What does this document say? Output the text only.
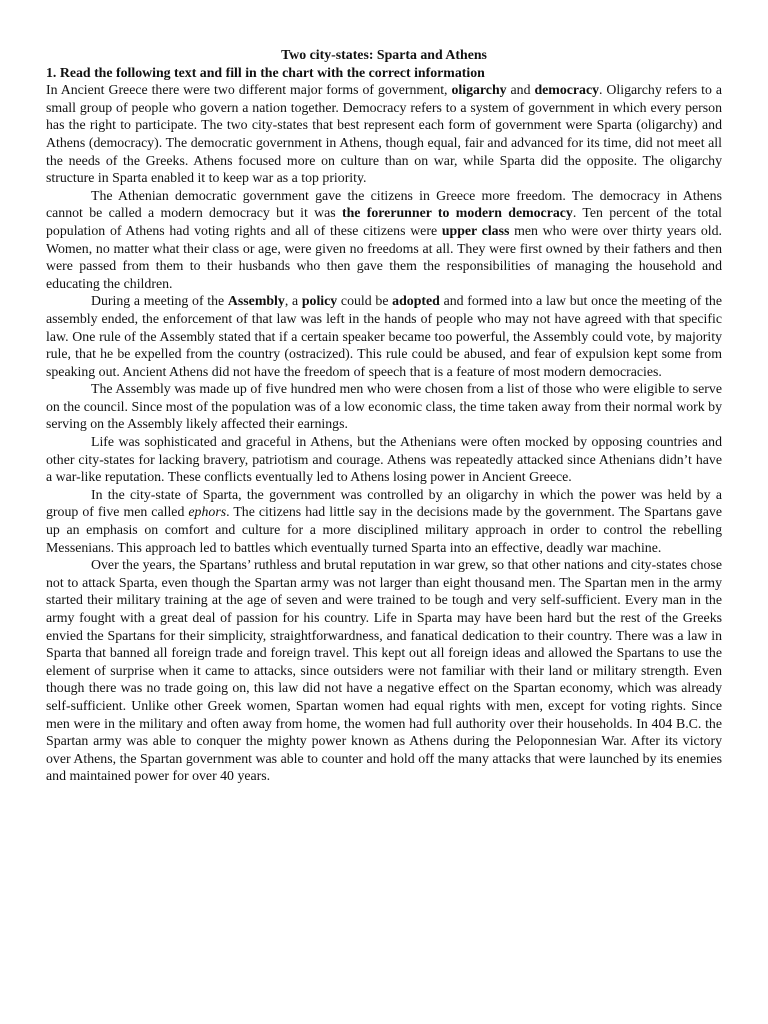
Two city-states: Sparta and Athens

1. Read the following text and fill in the chart with the correct information

In Ancient Greece there were two different major forms of government, oligarchy and democracy. Oligarchy refers to a small group of people who govern a nation together. Democracy refers to a system of government in which every person has the right to participate. The two city-states that best represent each form of government were Sparta (oligarchy) and Athens (democracy). The democratic government in Athens, though equal, fair and advanced for its time, did not meet all the needs of the Greeks. Athens focused more on culture than on war, while Sparta did the opposite. The oligarchy structure in Sparta enabled it to keep war as a top priority.

The Athenian democratic government gave the citizens in Greece more freedom. The democracy in Athens cannot be called a modern democracy but it was the forerunner to modern democracy. Ten percent of the total population of Athens had voting rights and all of these citizens were upper class men who were over thirty years old. Women, no matter what their class or age, were given no freedoms at all. They were first owned by their fathers and then were passed from them to their husbands who then gave them the responsibilities of managing the household and educating the children.

During a meeting of the Assembly, a policy could be adopted and formed into a law but once the meeting of the assembly ended, the enforcement of that law was left in the hands of people who may not have agreed with that specific law. One rule of the Assembly stated that if a certain speaker became too powerful, the Assembly could vote, by majority rule, that he be expelled from the country (ostracized). This rule could be abused, and fear of expulsion kept some from speaking out. Ancient Athens did not have the freedom of speech that is a feature of most modern democracies.

The Assembly was made up of five hundred men who were chosen from a list of those who were eligible to serve on the council. Since most of the population was of a low economic class, the time taken away from their normal work by serving on the Assembly likely affected their earnings.

Life was sophisticated and graceful in Athens, but the Athenians were often mocked by opposing countries and other city-states for lacking bravery, patriotism and courage. Athens was repeatedly attacked since Athenians didn’t have a war-like reputation. These conflicts eventually led to Athens losing power in Ancient Greece.

In the city-state of Sparta, the government was controlled by an oligarchy in which the power was held by a group of five men called ephors. The citizens had little say in the decisions made by the government. The Spartans gave up an emphasis on comfort and culture for a more disciplined military approach in order to control the rebelling Messenians. This approach led to battles which eventually turned Sparta into an effective, deadly war machine.

Over the years, the Spartans’ ruthless and brutal reputation in war grew, so that other nations and city-states chose not to attack Sparta, even though the Spartan army was not larger than eight thousand men. The Spartan men in the army started their military training at the age of seven and were trained to be tough and very self-sufficient. Every man in the army fought with a great deal of passion for his country. Life in Sparta may have been hard but the rest of the Greeks envied the Spartans for their simplicity, straightforwardness, and fanatical dedication to their country. There was a law in Sparta that banned all foreign trade and foreign travel. This kept out all foreign ideas and allowed the Spartans to use the element of surprise when it came to attacks, since outsiders were not familiar with their land or military strength. Even though there was no trade going on, this law did not have a negative effect on the Spartan economy, which was already self-sufficient. Unlike other Greek women, Spartan women had equal rights with men, except for voting rights. Since men were in the military and often away from home, the women had full authority over their households. In 404 B.C. the Spartan army was able to conquer the mighty power known as Athens during the Peloponnesian War. After its victory over Athens, the Spartan government was able to counter and hold off the many attacks that were launched by its enemies and maintained power for over 40 years.
